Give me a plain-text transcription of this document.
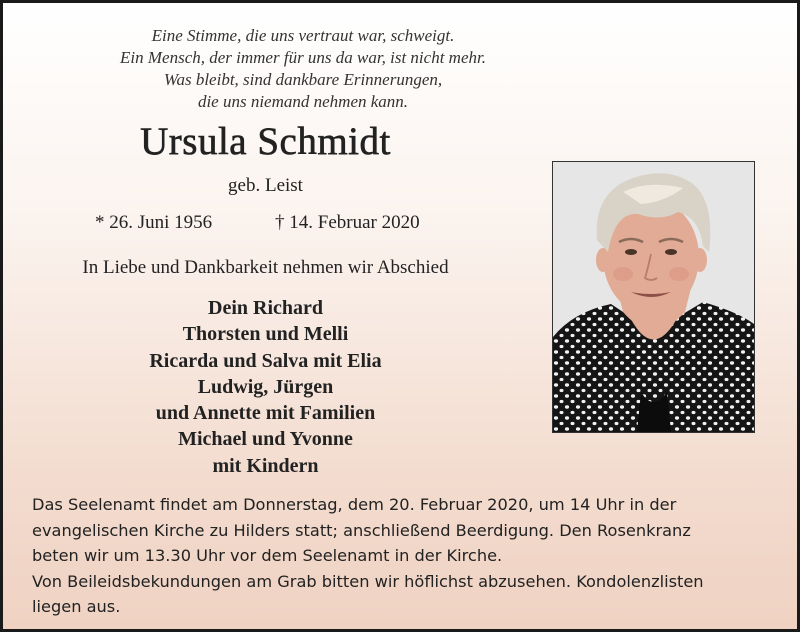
Eine Stimme, die uns vertraut war, schweigt.
Ein Mensch, der immer für uns da war, ist nicht mehr.
Was bleibt, sind dankbare Erinnerungen,
die uns niemand nehmen kann.
Ursula Schmidt
geb. Leist
* 26. Juni 1956	† 14. Februar 2020
In Liebe und Dankbarkeit nehmen wir Abschied
Dein Richard
Thorsten und Melli
Ricarda und Salva mit Elia
Ludwig, Jürgen
und Annette mit Familien
Michael und Yvonne
mit Kindern
Das Seelenamt findet am Donnerstag, dem 20. Februar 2020, um 14 Uhr in der
evangelischen Kirche zu Hilders statt; anschließend Beerdigung. Den Rosenkranz
beten wir um 13.30 Uhr vor dem Seelenamt in der Kirche.
Von Beileidsbekundungen am Grab bitten wir höflichst abzusehen. Kondolenzlisten
liegen aus.
